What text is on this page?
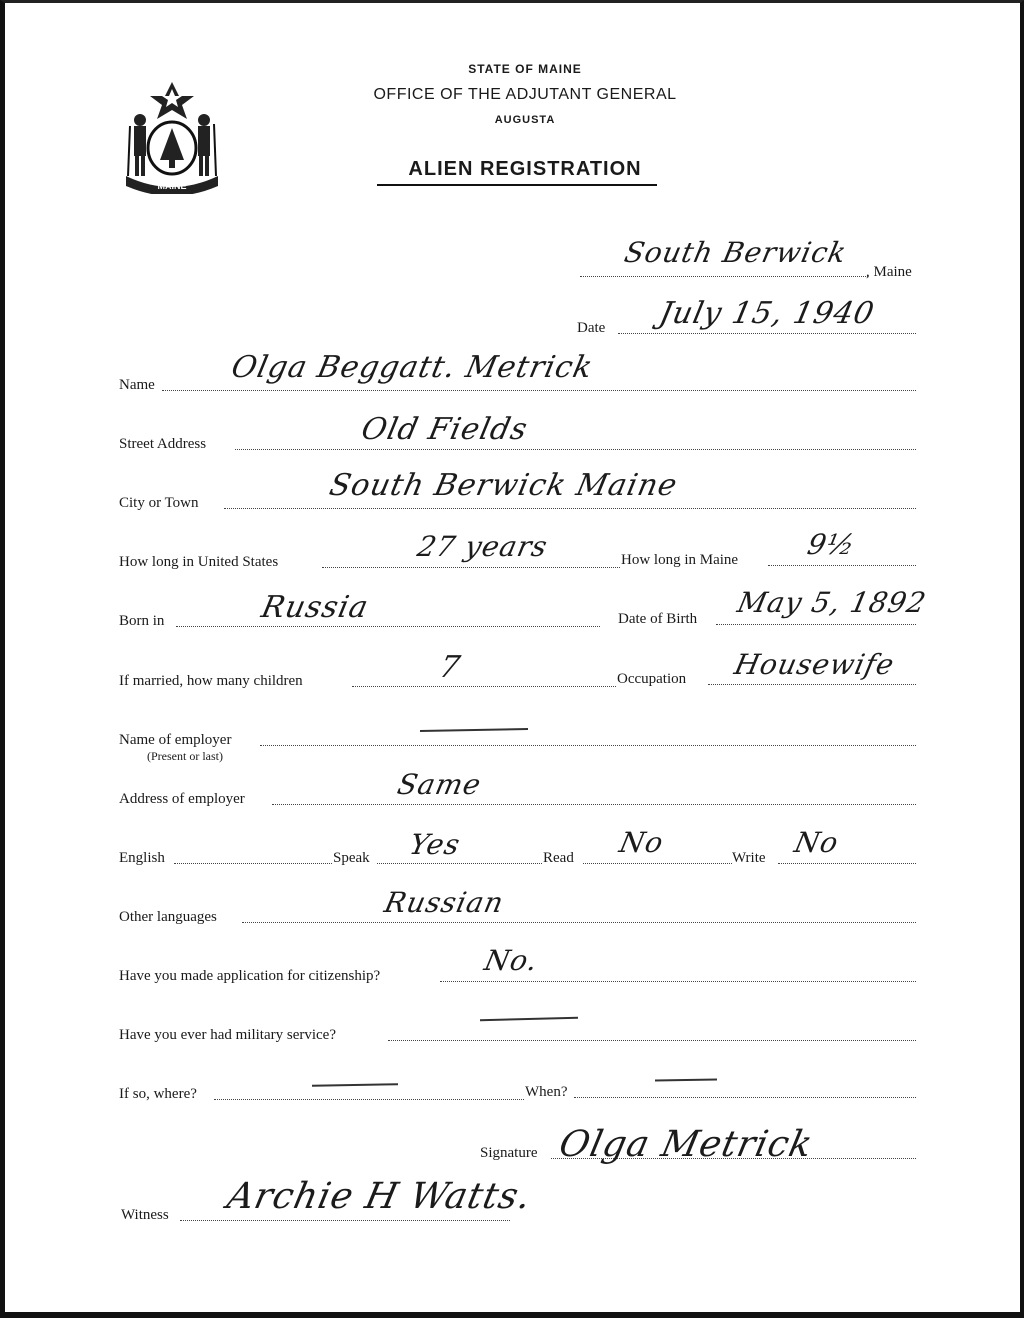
MAINE
STATE OF MAINE
OFFICE OF THE ADJUTANT GENERAL
AUGUSTA
ALIEN REGISTRATION
South Berwick
, Maine
Date July 15, 1940
Name Olga Beggatt. Metrick
Street Address	Old Fields
City or Town	South Berwick Maine
How long in United States	27 years	How long in Maine 9½
Born in	Russia	Date of Birth May 5, 1892
If married, how many children	7	Occupation Housewife
Name of employer
(Present or last)
Address of employer	Same
English	Speak Yes	Read No	Write No
Other languages	Russian
Have you made application for citizenship?	No.
Have you ever had military service?
If so, where?	When?
Signature Olga Metrick
Witness Archie H Watts.
